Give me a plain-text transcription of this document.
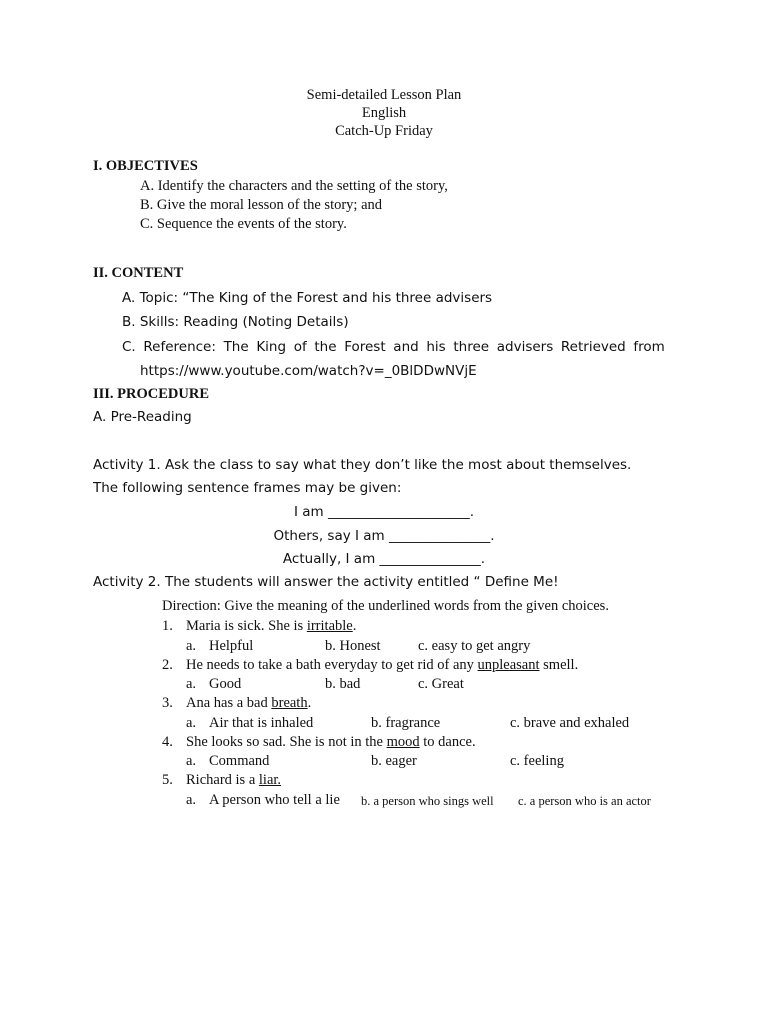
Semi-detailed Lesson Plan
English
Catch-Up Friday
I. OBJECTIVES
A. Identify the characters and the setting of the story,
B. Give the moral lesson of the story; and
C. Sequence the events of the story.
II. CONTENT
A. Topic: “The King of the Forest and his three advisers
B. Skills: Reading (Noting Details)
C. Reference: The King of the Forest and his three advisers Retrieved from
https://www.youtube.com/watch?v=_0BlDDwNVjE
III. PROCEDURE
A. Pre-Reading
Activity 1. Ask the class to say what they don’t like the most about themselves.
The following sentence frames may be given:
I am _____________________.
Others, say I am _______________.
Actually, I am _______________.
Activity 2. The students will answer the activity entitled “ Define Me!
Direction: Give the meaning of the underlined words from the given choices.
1. Maria is sick. She is irritable.
a. Helpful	b. Honest	c. easy to get angry
2. He needs to take a bath everyday to get rid of any unpleasant smell.
a. Good	b. bad	c. Great
3. Ana has a bad breath.
a. Air that is inhaled	b. fragrance	c. brave and exhaled
4. She looks so sad. She is not in the mood to dance.
a. Command	b. eager	c. feeling
5. Richard is a liar.
a. A person who tell a lie b. a person who sings well c. a person who is an actor
